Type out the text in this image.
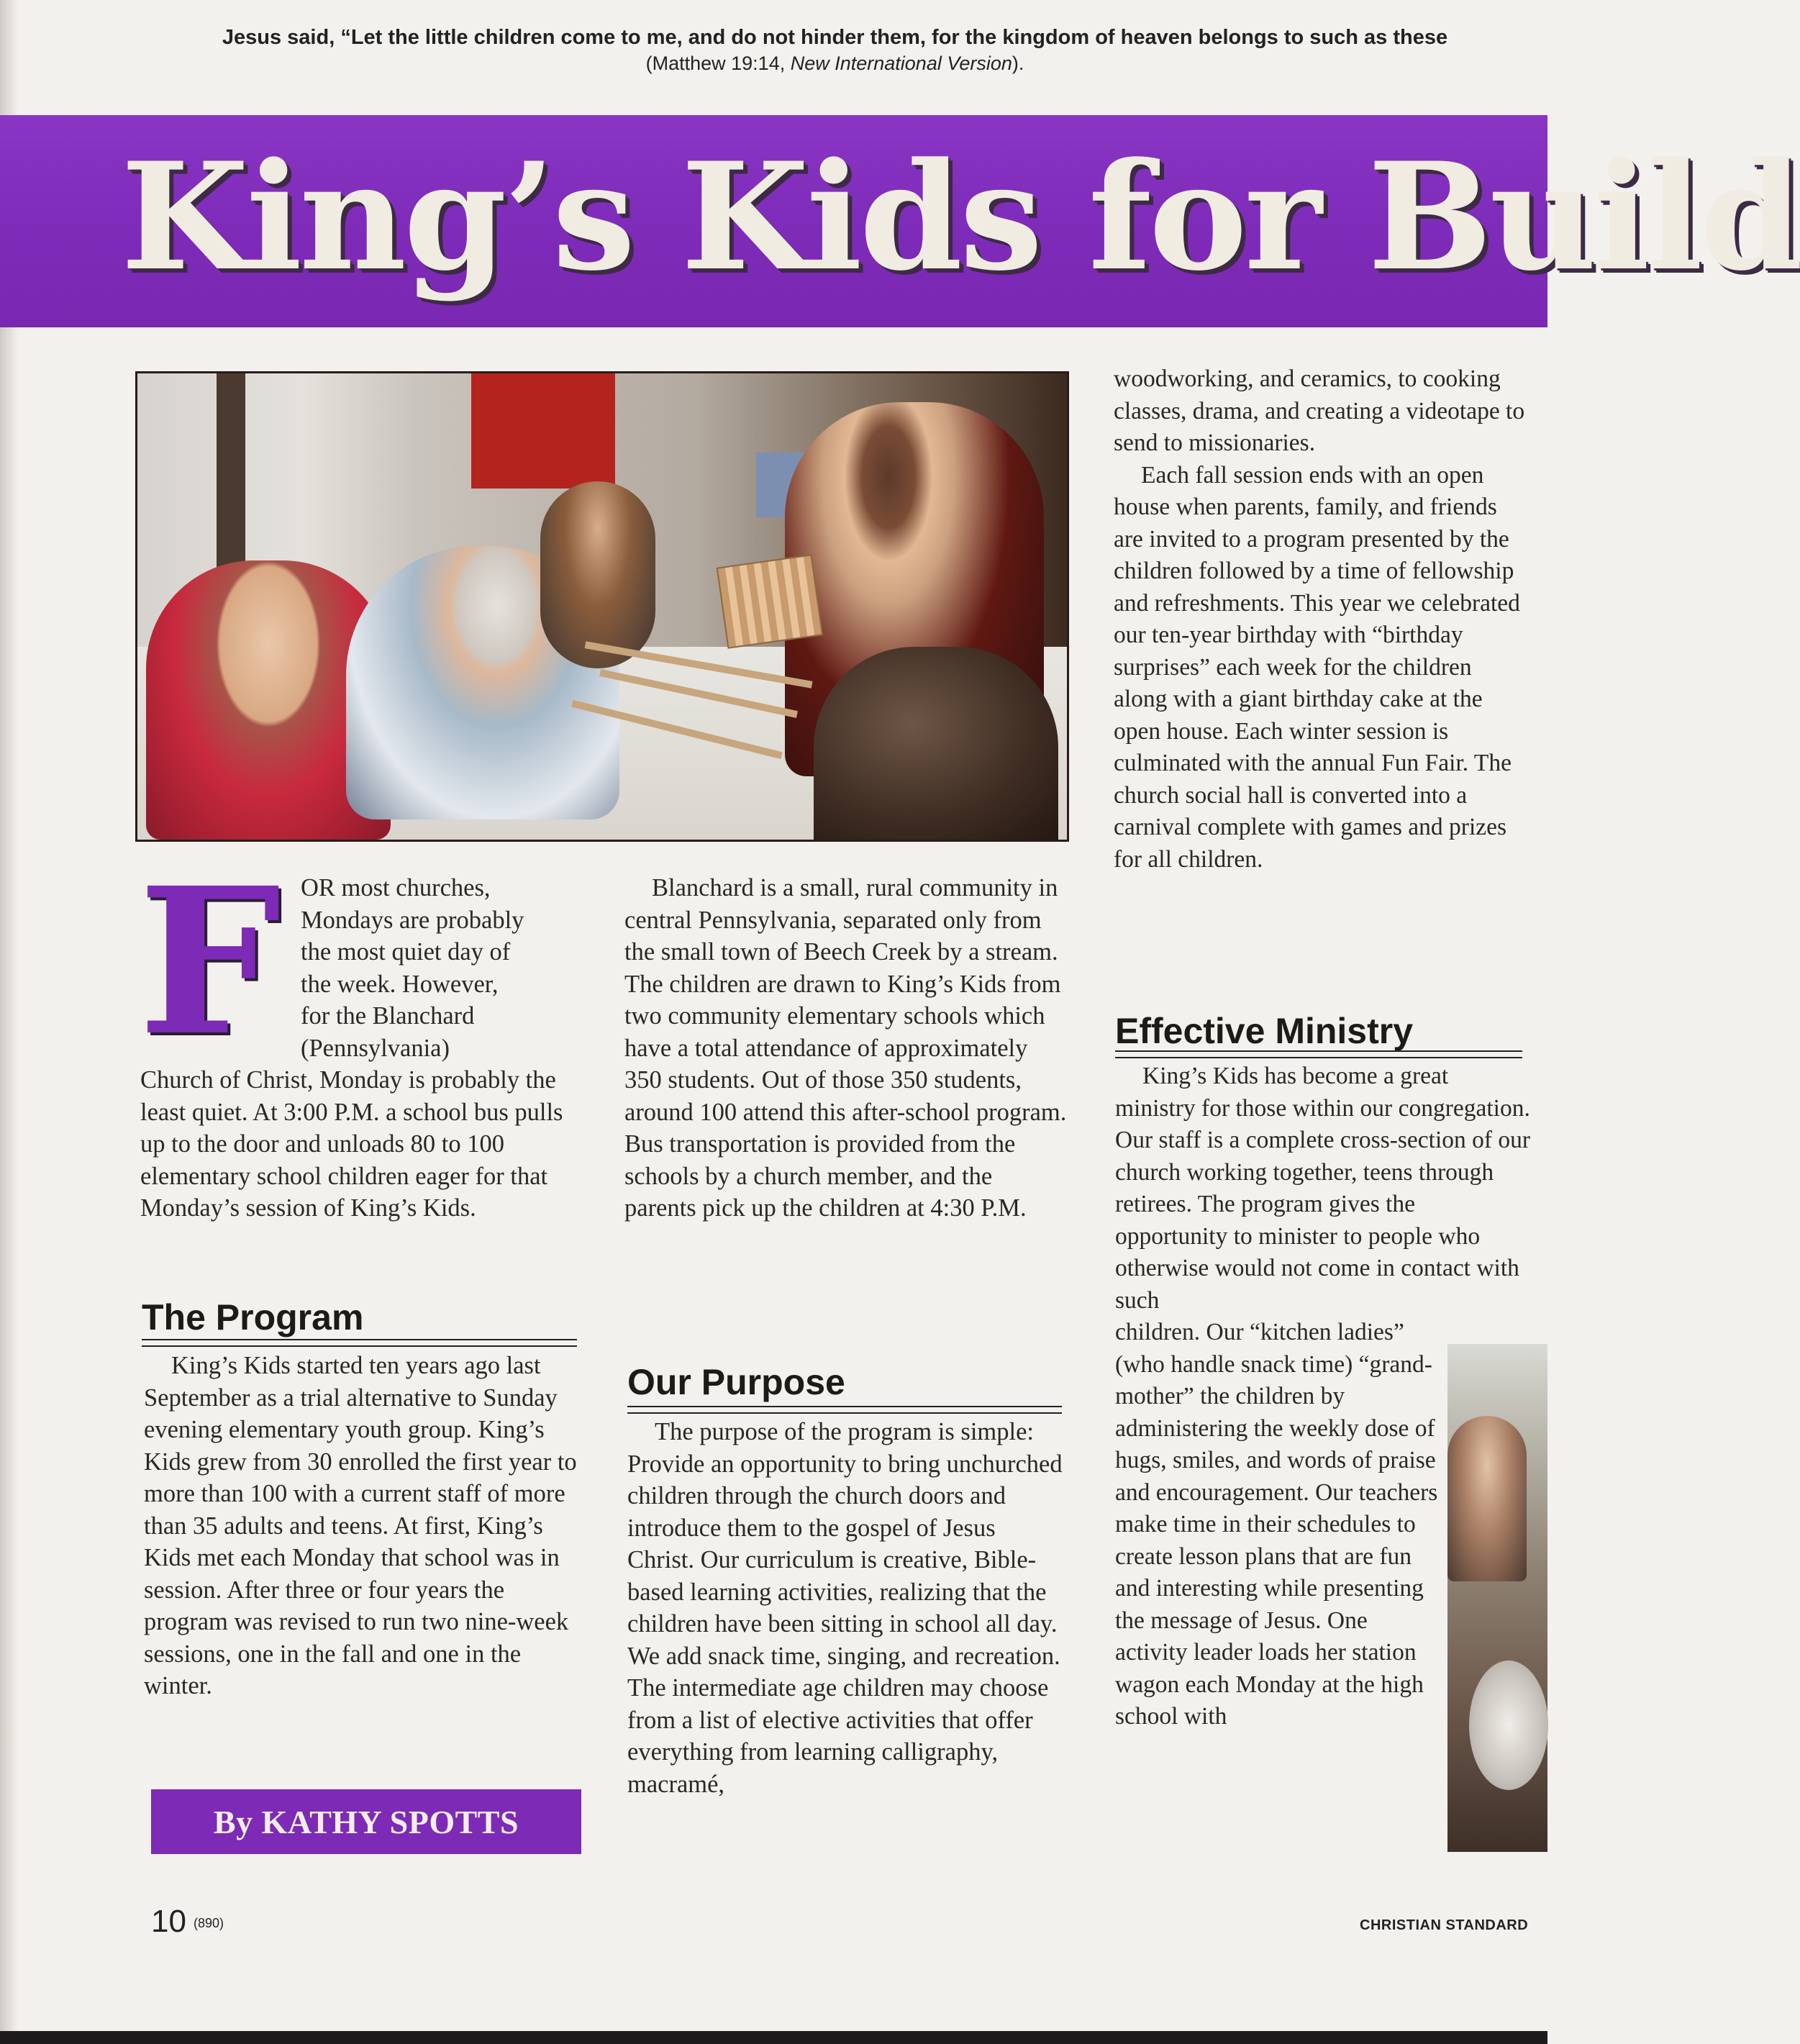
Jesus said, “Let the little children come to me, and do not hinder them, for the kingdom of heaven belongs to such as these
(Matthew 19:14, New International Version).
King’s Kids for Build
F OR most churches,
Mondays are probably
the most quiet day of
the week. However,
for the Blanchard
(Pennsylvania)

Church of Christ, Monday is probably the least quiet. At 3:00 P.M. a school bus pulls up to the door and unloads 80 to 100 elementary school children eager for that Monday’s session of King’s Kids.

The Program

King’s Kids started ten years ago last September as a trial alternative to Sunday evening elementary youth group. King’s Kids grew from 30 enrolled the first year to more than 100 with a current staff of more than 35 adults and teens. At first, King’s Kids met each Monday that school was in session. After three or four years the program was revised to run two nine-week sessions, one in the fall and one in the winter.

By KATHY SPOTTS

Blanchard is a small, rural community in central Pennsylvania, separated only from the small town of Beech Creek by a stream. The children are drawn to King’s Kids from two community elementary schools which have a total attendance of approximately 350 students. Out of those 350 students, around 100 attend this after-school program. Bus transportation is provided from the schools by a church member, and the parents pick up the children at 4:30 P.M.

Our Purpose

The purpose of the program is simple: Provide an opportunity to bring unchurched children through the church doors and introduce them to the gospel of Jesus Christ. Our curriculum is creative, Bible-based learning activities, realizing that the children have been sitting in school all day. We add snack time, singing, and recreation. The intermediate age children may choose from a list of elective activities that offer everything from learning calligraphy, macramé,

woodworking, and ceramics, to cooking classes, drama, and creating a videotape to send to missionaries.

Each fall session ends with an open house when parents, family, and friends are invited to a program presented by the children followed by a time of fellowship and refreshments. This year we celebrated our ten-year birthday with “birthday surprises” each week for the children along with a giant birthday cake at the open house. Each winter session is culminated with the annual Fun Fair. The church social hall is converted into a carnival complete with games and prizes for all children.

Effective Ministry

King’s Kids has become a great ministry for those within our congregation. Our staff is a complete cross-section of our church working together, teens through retirees. The program gives the opportunity to minister to people who otherwise would not come in contact with such

children. Our “kitchen ladies” (who handle snack time) “grand-mother” the children by administering the weekly dose of hugs, smiles, and words of praise and encouragement. Our teachers make time in their schedules to create lesson plans that are fun and interesting while presenting the message of Jesus. One activity leader loads her station wagon each Monday at the high school with

10 (890)	CHRISTIAN STANDARD
